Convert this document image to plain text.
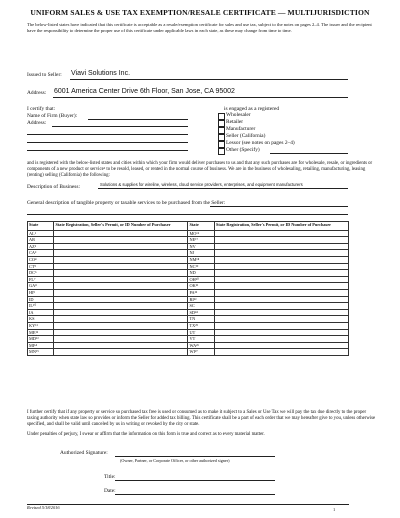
UNIFORM SALES & USE TAX EXEMPTION/RESALE CERTIFICATE — MULTIJURISDICTION
The below-listed states have indicated that this certificate is acceptable as a resale/exemption certificate for sales and use tax, subject to the notes on pages 2–4. The issuer and the recipient have the responsibility to determine the proper use of this certificate under applicable laws in each state, as these may change from time to time.
Issued to Seller: Viavi Solutions Inc.
Address: 6001 America Center Drive 6th Floor, San Jose, CA 95002
I certify that:
Name of Firm (Buyer):
Address:
is engaged as a registered
Wholesaler
Retailer
Manufacturer
Seller (California)
Lessor (see notes on pages 2–4)
Other (Specify)
and is registered with the below-listed states and cities within which your firm would deliver purchases to us and that any such purchases are for wholesale, resale, or ingredients or components of a new product or service¹ to be resold, leased, or rented in the normal course of business. We are in the business of wholesaling, retailing, manufacturing, leasing (renting) selling (California) the following:
Description of Business:	Solutions & supplies for wireline, wireless, cloud service providers, enterprises, and equipment manufacturers
General description of tangible property or taxable services to be purchased from the Seller:
State	State Registration, Seller's Permit, or ID Number of Purchaser	State	State Registration, Seller's Permit, or ID Number of Purchaser
AL¹		MO¹⁶	
AR		NE¹⁷	
AZ²		NV	
CA³		NJ	
CO⁴		NM¹⁸	
CT⁵		NC¹⁹	
DC⁶		ND	
FL⁷		OH²⁰	
GA⁸		OK²¹	
HI⁹		PA²²	
ID		RI²³	
IL¹⁰		SC	
IA		SD²⁴	
KS		TN	
KY¹¹		TX²⁵	
ME¹²		UT	
MD¹³		VT	
MI¹⁴		WA²⁶	
MN¹⁵		WI²⁷	
I further certify that if any property or service so purchased tax free is used or consumed as to make it subject to a Sales or Use Tax we will pay the tax due directly to the proper taxing authority when state law so provides or inform the Seller for added tax billing. This certificate shall be a part of each order that we may hereafter give to you, unless otherwise specified, and shall be valid until canceled by us in writing or revoked by the city or state.
Under penalties of perjury, I swear or affirm that the information on this form is true and correct as to every material matter.
Authorized Signature:
(Owner, Partner, or Corporate Officer, or other authorized signer)
Title:
Date:
Revised 5/18/2016	1
